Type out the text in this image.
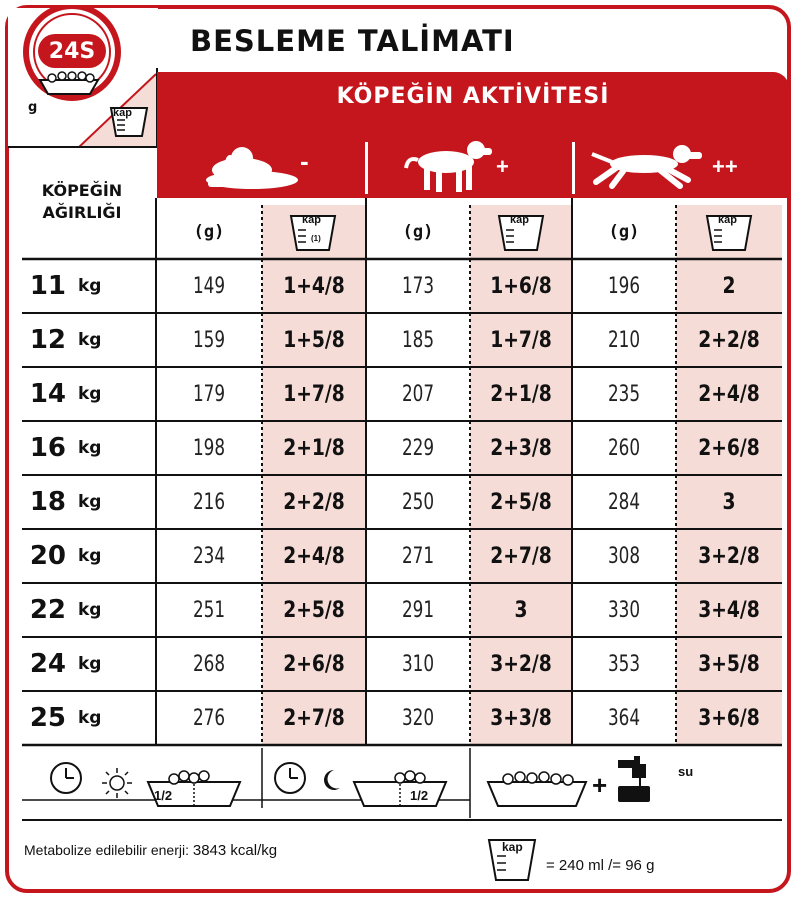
24S
g	kap
BESLEME TALİMATI
KÖPEĞİN AKTİVİTESİ
-	+	++
KÖPEĞİN
AĞIRLIĞI
(g)	(g)	(g)
kap
(1)
kap	kap
11 kg	149	1+4/8	173	1+6/8	196	2
12 kg	159	1+5/8	185	1+7/8	210	2+2/8
14 kg	179	1+7/8	207	2+1/8	235	2+4/8
16 kg	198	2+1/8	229	2+3/8	260	2+6/8
18 kg	216	2+2/8	250	2+5/8	284	3
20 kg	234	2+4/8	271	2+7/8	308	3+2/8
22 kg	251	2+5/8	291	3	330	3+4/8
24 kg	268	2+6/8	310	3+2/8	353	3+5/8
25 kg	276	2+7/8	320	3+3/8	364	3+6/8
1/2	1/2	+	su
Metabolize edilebilir enerji: 3843 kcal/kg	kap
= 240 ml /= 96 g
